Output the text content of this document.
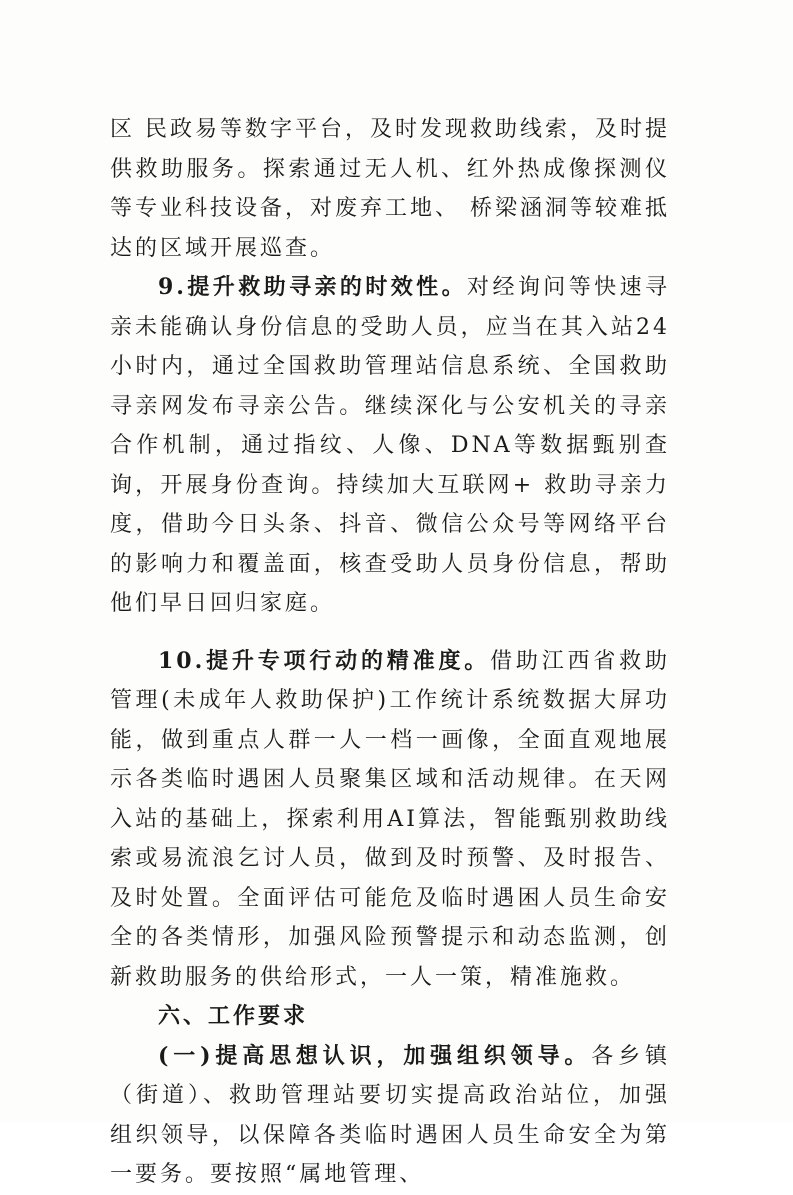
区 民政易等数字平台，及时发现救助线索，及时提供救助服务。探索通过无人机、红外热成像探测仪等专业科技设备，对废弃工地、 桥梁涵洞等较难抵达的区域开展巡查。

9.提升救助寻亲的时效性。对经询问等快速寻亲未能确认身份信息的受助人员，应当在其入站24小时内，通过全国救助管理站信息系统、全国救助寻亲网发布寻亲公告。继续深化与公安机关的寻亲合作机制，通过指纹、人像、DNA等数据甄别查询，开展身份查询。持续加大互联网+ 救助寻亲力度，借助今日头条、抖音、微信公众号等网络平台的影响力和覆盖面，核查受助人员身份信息，帮助他们早日回归家庭。

10.提升专项行动的精准度。借助江西省救助管理(未成年人救助保护)工作统计系统数据大屏功能，做到重点人群一人一档一画像，全面直观地展示各类临时遇困人员聚集区域和活动规律。在天网入站的基础上，探索利用AI算法，智能甄别救助线索或易流浪乞讨人员，做到及时预警、及时报告、及时处置。全面评估可能危及临时遇困人员生命安全的各类情形，加强风险预警提示和动态监测，创新救助服务的供给形式，一人一策，精准施救。

六、工作要求

(一)提高思想认识，加强组织领导。各乡镇（街道）、救助管理站要切实提高政治站位，加强组织领导，以保障各类临时遇困人员生命安全为第一要务。要按照“属地管理、
